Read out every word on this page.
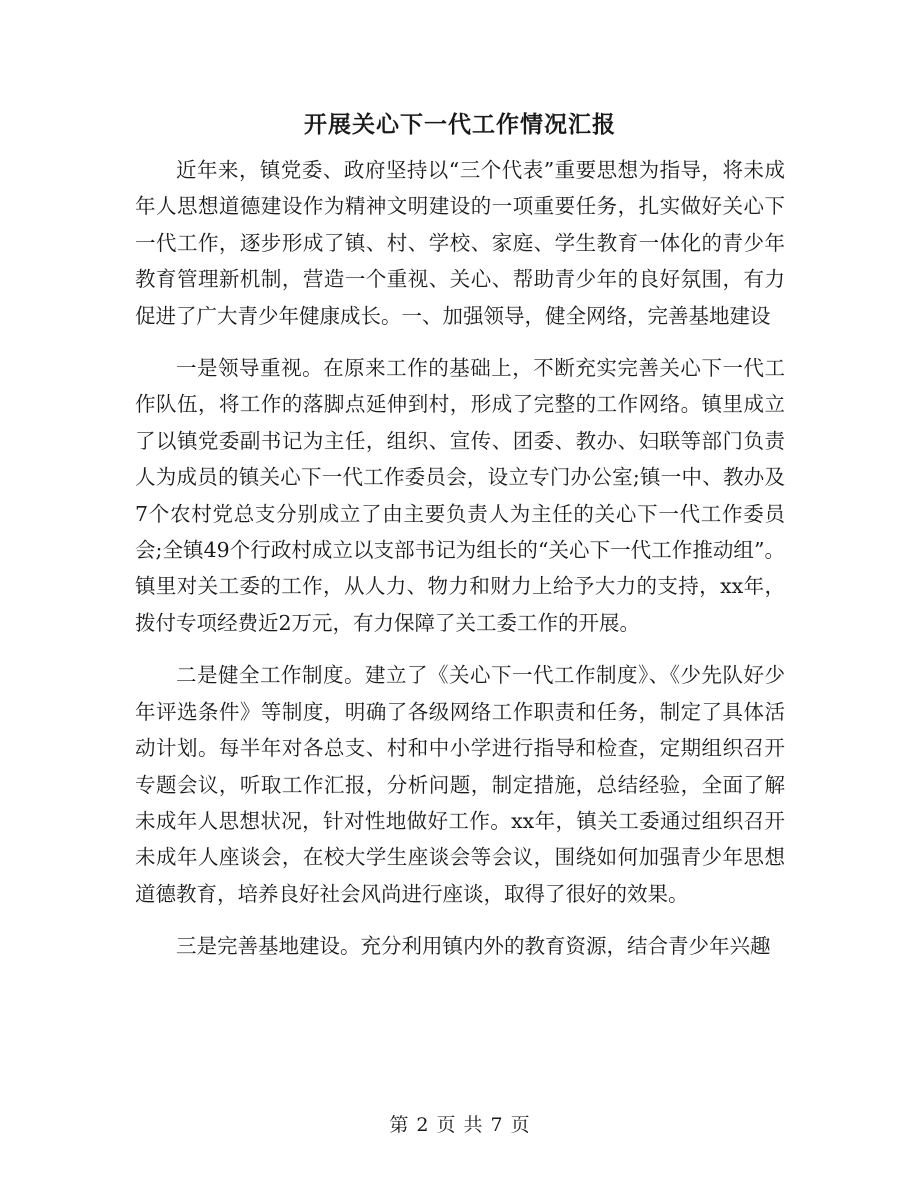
开展关心下一代工作情况汇报

近年来，镇党委、政府坚持以“三个代表”重要思想为指导，将未成年人思想道德建设作为精神文明建设的一项重要任务，扎实做好关心下一代工作，逐步形成了镇、村、学校、家庭、学生教育一体化的青少年教育管理新机制，营造一个重视、关心、帮助青少年的良好氛围，有力促进了广大青少年健康成长。一、加强领导，健全网络，完善基地建设

一是领导重视。在原来工作的基础上，不断充实完善关心下一代工作队伍，将工作的落脚点延伸到村，形成了完整的工作网络。镇里成立了以镇党委副书记为主任，组织、宣传、团委、教办、妇联等部门负责人为成员的镇关心下一代工作委员会，设立专门办公室;镇一中、教办及7个农村党总支分别成立了由主要负责人为主任的关心下一代工作委员会;全镇49个行政村成立以支部书记为组长的“关心下一代工作推动组”。镇里对关工委的工作，从人力、物力和财力上给予大力的支持，xx年，拨付专项经费近2万元，有力保障了关工委工作的开展。

二是健全工作制度。建立了《关心下一代工作制度》、《少先队好少年评选条件》等制度，明确了各级网络工作职责和任务，制定了具体活动计划。每半年对各总支、村和中小学进行指导和检查，定期组织召开专题会议，听取工作汇报，分析问题，制定措施，总结经验，全面了解未成年人思想状况，针对性地做好工作。xx年，镇关工委通过组织召开未成年人座谈会，在校大学生座谈会等会议，围绕如何加强青少年思想道德教育，培养良好社会风尚进行座谈，取得了很好的效果。

三是完善基地建设。充分利用镇内外的教育资源，结合青少年兴趣

第 2 页 共 7 页
